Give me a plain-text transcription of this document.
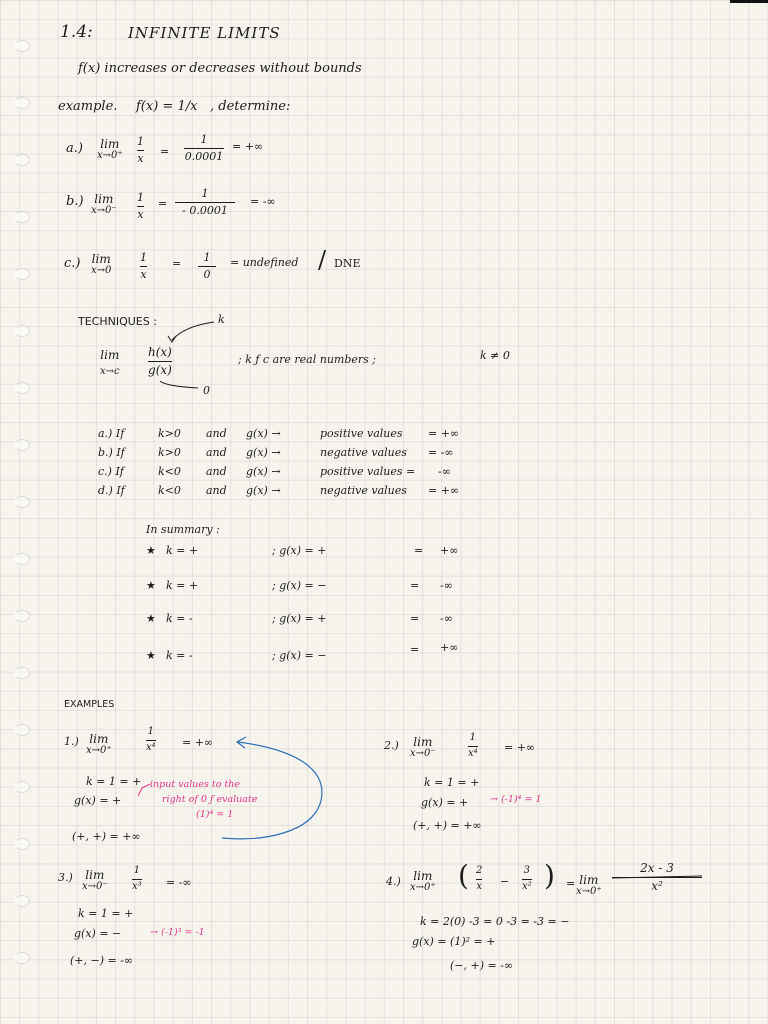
1.4: INFINITE LIMITS
f(x) increases or decreases without bounds
example. f(x) = 1/x , determine:
a.) lim
x→0⁺
1
x
=
1
0.0001
= +∞
b.) lim
x→0⁻
1
x
=
1
- 0.0001
= -∞
c.) lim
x→0
1
x
= 1
0
= undefined / DNE
TECHNIQUES :	k
lim
x→c
h(x)
g(x)
0
; k ƒ c are real numbers ;	k ≠ 0
a.) If	k>0 and g(x) →	positive values = +∞
b.) If	k>0 and g(x) →	negative values = -∞
c.) If	k<0 and g(x) →	positive values = -∞
d.) If	k<0 and g(x) →	negative values = +∞
In summary :
★ k = +	; g(x) = +	= +∞
★ k = +	; g(x) = −	= -∞
★ k = -	; g(x) = +	= -∞
★ k = -	; g(x) = −	= +∞
EXAMPLES
1.) lim
x→0⁺
1
x⁴ = +∞
k = 1 = +
g(x) = +
input values to the
right of 0 ƒ evaluate
(1)⁴ = 1
(+, +) = +∞
2.) lim
x→0⁻
1
x⁴ = +∞
k = 1 = +
g(x) = + → (-1)⁴ = 1
(+, +) = +∞
3.) lim
x→0⁻
1
x³ = -∞
k = 1 = +
g(x) = −	→ (-1)³ = -1
(+, −) = -∞
4.) lim
x→0⁺ ( 2
x −
3
x² ) = lim
x→0⁺
2x - 3
x²
k = 2(0) -3 = 0 -3 = -3 = −
g(x) = (1)² = +
(−, +) = -∞
